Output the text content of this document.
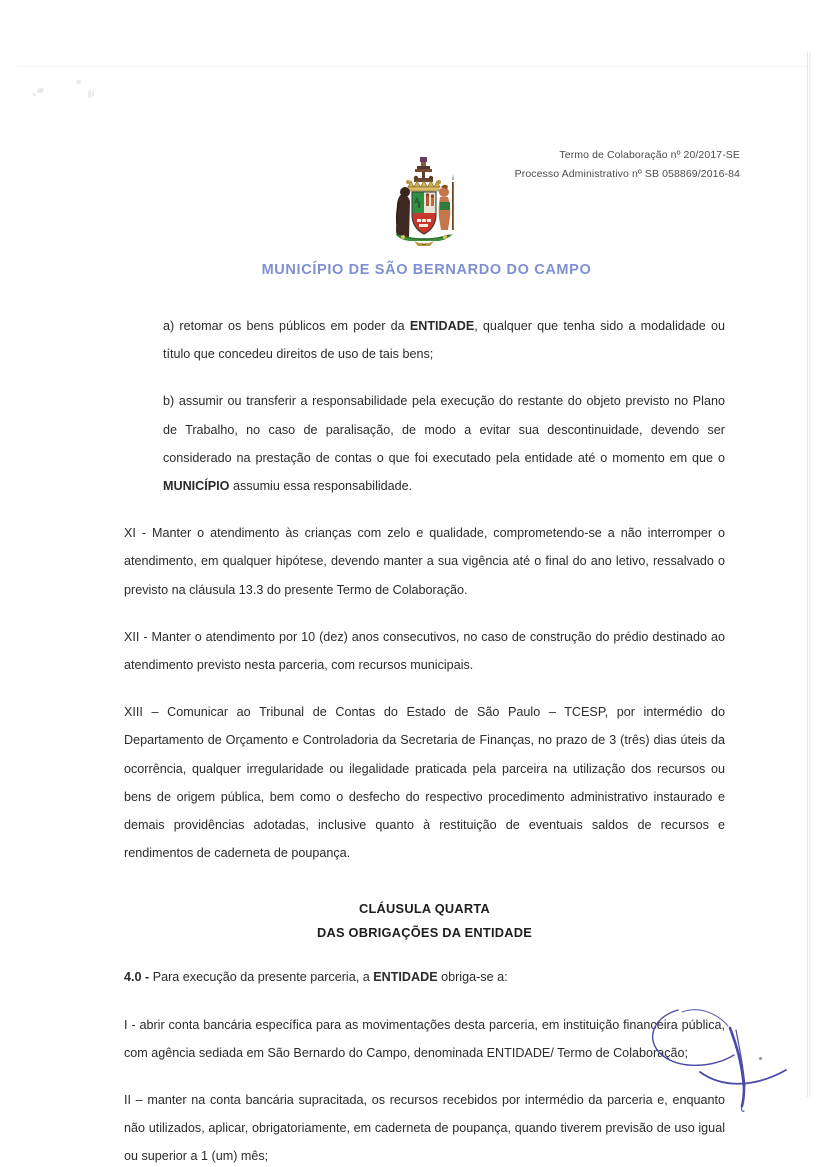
Termo de Colaboração nº 20/2017-SE
Processo Administrativo nº SB 058869/2016-84
MUNICÍPIO DE SÃO BERNARDO DO CAMPO

a) retomar os bens públicos em poder da ENTIDADE, qualquer que tenha sido a modalidade ou título que concedeu direitos de uso de tais bens;

b) assumir ou transferir a responsabilidade pela execução do restante do objeto previsto no Plano de Trabalho, no caso de paralisação, de modo a evitar sua descontinuidade, devendo ser considerado na prestação de contas o que foi executado pela entidade até o momento em que o MUNICÍPIO assumiu essa responsabilidade.

XI - Manter o atendimento às crianças com zelo e qualidade, comprometendo-se a não interromper o atendimento, em qualquer hipótese, devendo manter a sua vigência até o final do ano letivo, ressalvado o previsto na cláusula 13.3 do presente Termo de Colaboração.

XII - Manter o atendimento por 10 (dez) anos consecutivos, no caso de construção do prédio destinado ao atendimento previsto nesta parceria, com recursos municipais.

XIII – Comunicar ao Tribunal de Contas do Estado de São Paulo – TCESP, por intermédio do Departamento de Orçamento e Controladoria da Secretaria de Finanças, no prazo de 3 (três) dias úteis da ocorrência, qualquer irregularidade ou ilegalidade praticada pela parceira na utilização dos recursos ou bens de origem pública, bem como o desfecho do respectivo procedimento administrativo instaurado e demais providências adotadas, inclusive quanto à restituição de eventuais saldos de recursos e rendimentos de caderneta de poupança.

CLÁUSULA QUARTA
DAS OBRIGAÇÕES DA ENTIDADE

4.0 - Para execução da presente parceria, a ENTIDADE obriga-se a:

I - abrir conta bancária específica para as movimentações desta parceria, em instituição financeira pública, com agência sediada em São Bernardo do Campo, denominada ENTIDADE/ Termo de Colaboração;

II – manter na conta bancária supracitada, os recursos recebidos por intermédio da parceria e, enquanto não utilizados, aplicar, obrigatoriamente, em caderneta de poupança, quando tiverem previsão de uso igual ou superior a 1 (um) mês;
